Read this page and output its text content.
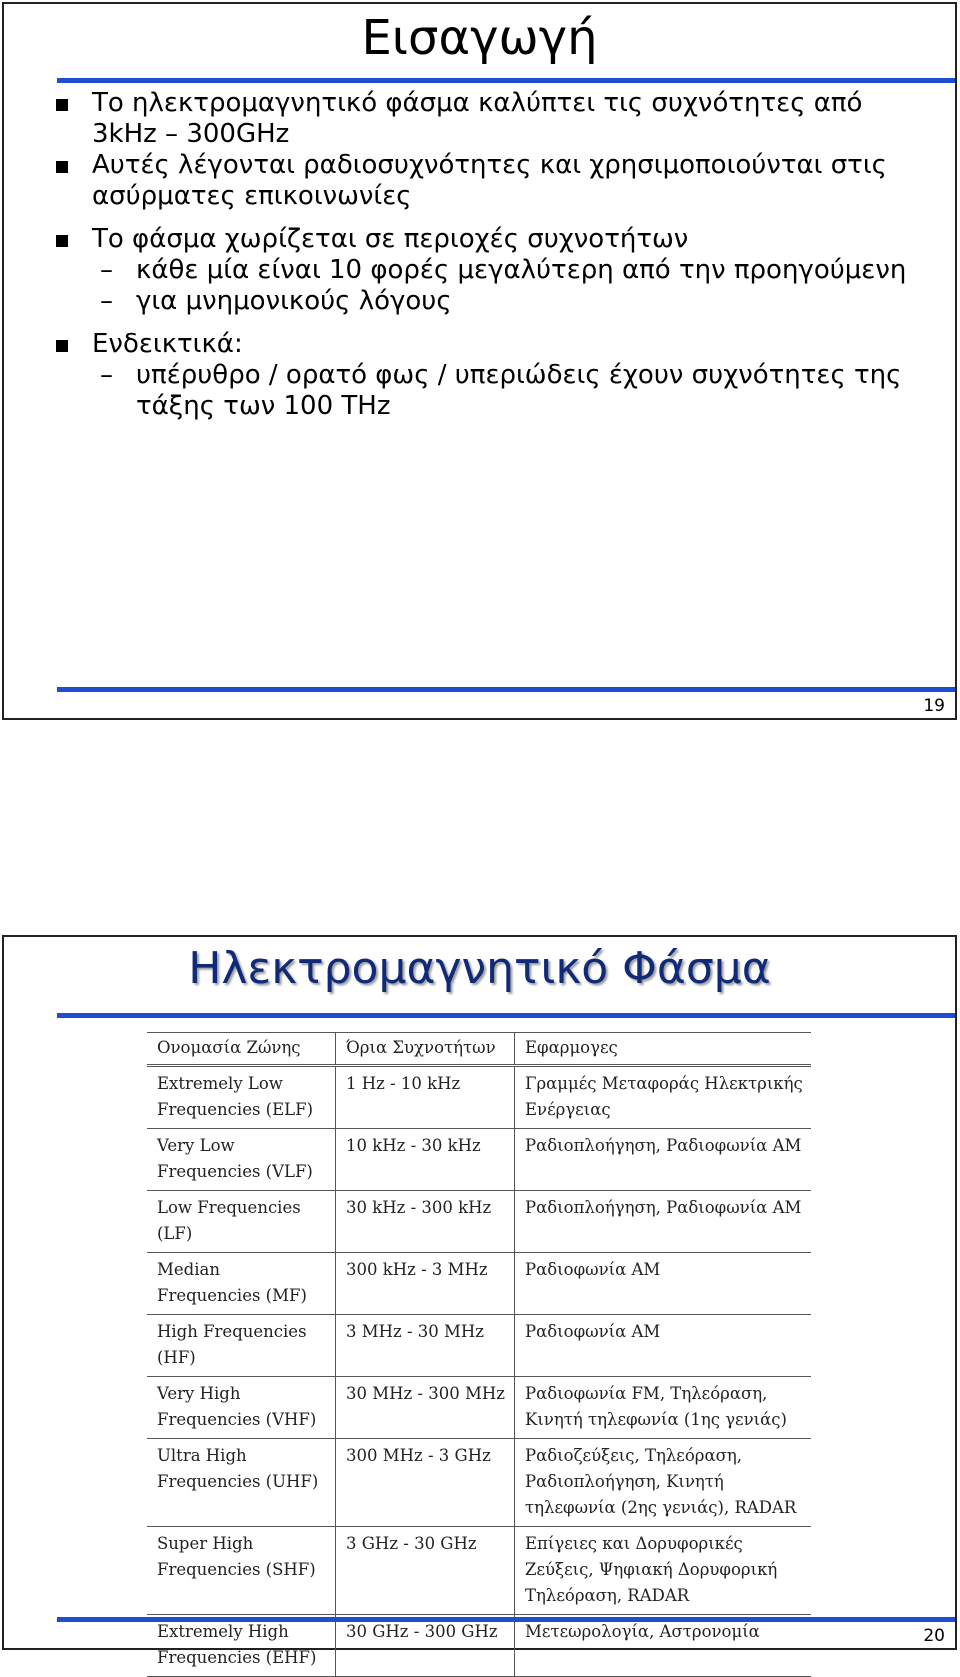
Εισαγωγή
Το ηλεκτρομαγνητικό φάσμα καλύπτει τις συχνότητες από 3kHz – 300GHz
Αυτές λέγονται ραδιοσυχνότητες και χρησιμοποιούνται στις ασύρματες επικοινωνίες
Το φάσμα χωρίζεται σε περιοχές συχνοτήτων
– κάθε μία είναι 10 φορές μεγαλύτερη από την προηγούμενη
– για μνημονικούς λόγους
Ενδεικτικά:
– υπέρυθρο / ορατό φως / υπεριώδεις έχουν συχνότητες της τάξης των 100 THz
19
Ηλεκτρομαγνητικό Φάσμα
Ονομασία Ζώνης	Όρια Συχνοτήτων	Εφαρμογες
Extremely Low Frequencies (ELF)	1 Hz - 10 kHz	Γραμμές Μεταφοράς Ηλεκτρικής Ενέργειας
Very Low Frequencies (VLF)	10 kHz - 30 kHz	Ραδιοπλοήγηση, Ραδιοφωνία AM
Low Frequencies (LF)	30 kHz - 300 kHz	Ραδιοπλοήγηση, Ραδιοφωνία AM
Median Frequencies (MF)	300 kHz - 3 MHz	Ραδιοφωνία AM
High Frequencies (HF)	3 MHz - 30 MHz	Ραδιοφωνία AM
Very High Frequencies (VHF)	30 MHz - 300 MHz	Ραδιοφωνία FM, Τηλεόραση, Κινητή τηλεφωνία (1ης γενιάς)
Ultra High Frequencies (UHF)	300 MHz - 3 GHz	Ραδιοζεύξεις, Τηλεόραση, Ραδιοπλοήγηση, Κινητή τηλεφωνία (2ης γενιάς), RADAR
Super High Frequencies (SHF)	3 GHz - 30 GHz	Επίγειες και Δορυφορικές Ζεύξεις, Ψηφιακή Δορυφορική Τηλεόραση, RADAR
Extremely High Frequencies (EHF)	30 GHz - 300 GHz	Μετεωρολογία, Αστρονομία	20
